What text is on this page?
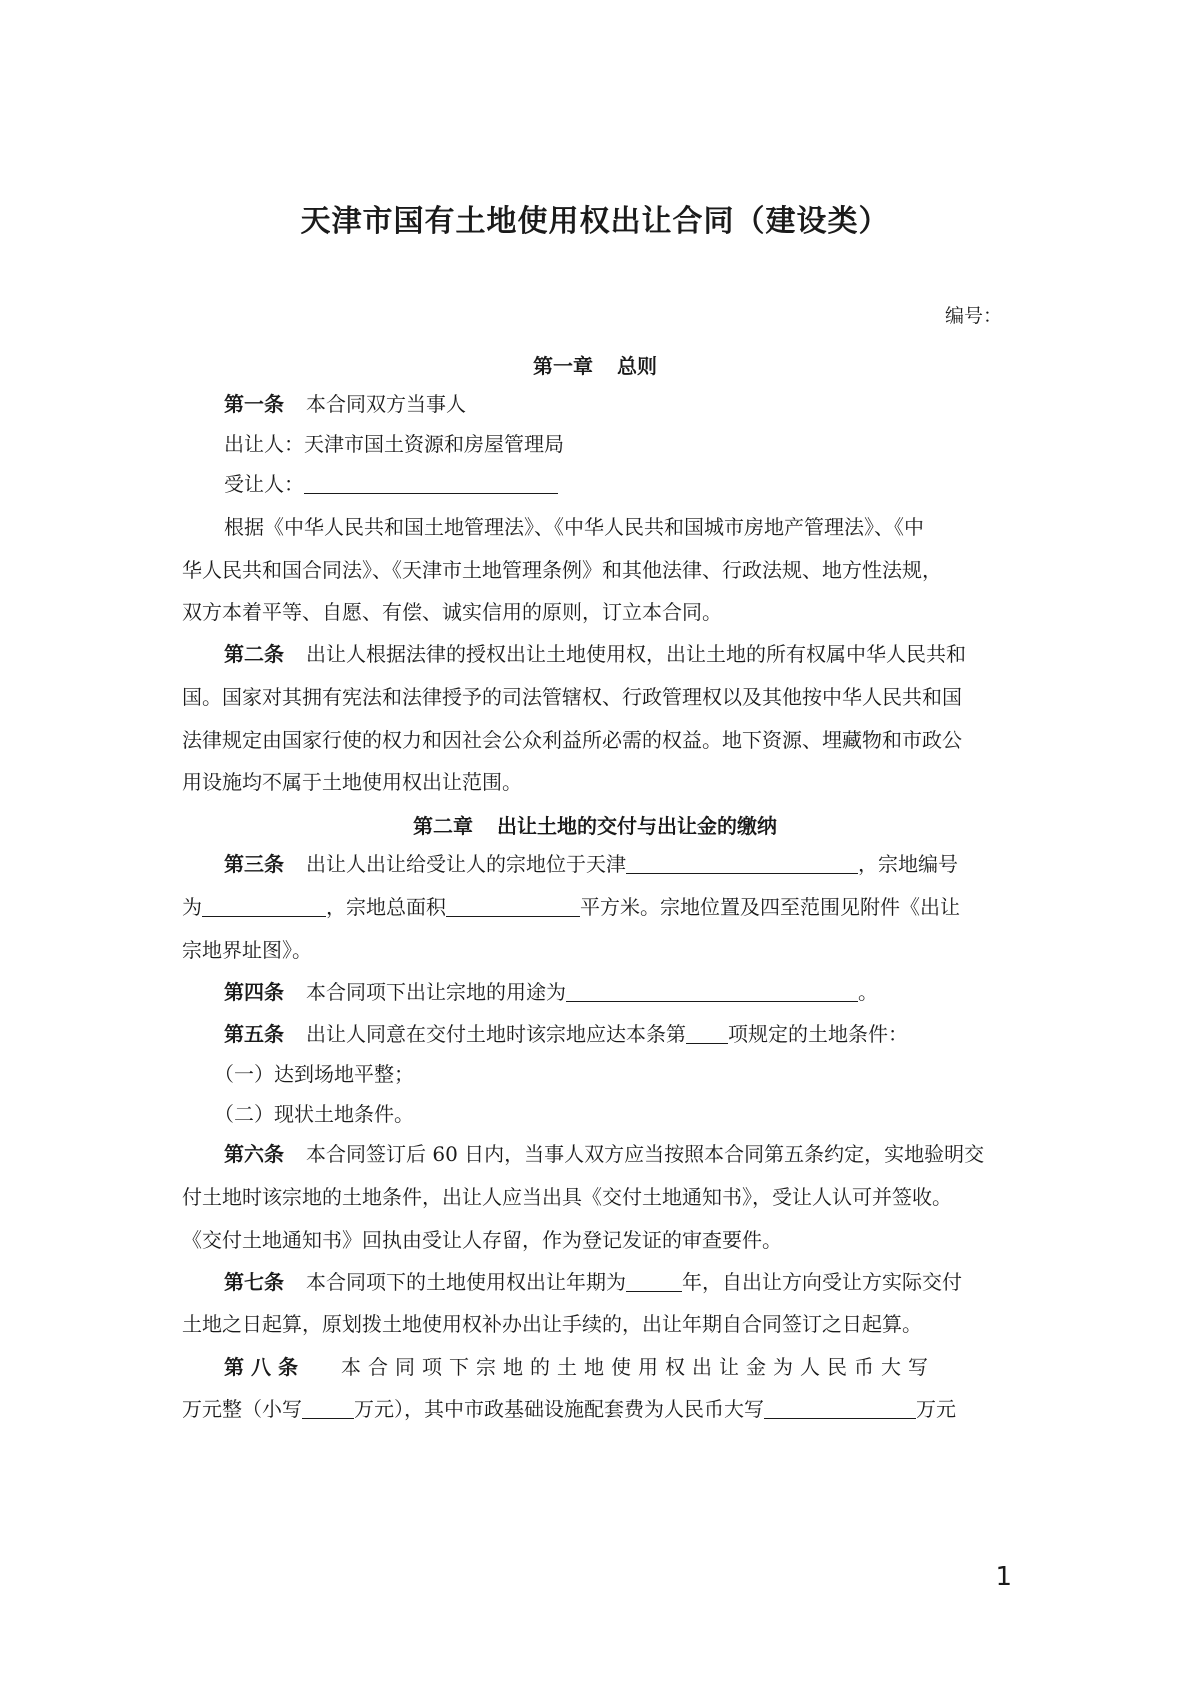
天津市国有土地使用权出让合同（建设类）

编号：

第一章 总则

第一条 本合同双方当事人

出让人：天津市国土资源和房屋管理局

受让人：

根据《中华人民共和国土地管理法》、《中华人民共和国城市房地产管理法》、《中

华人民共和国合同法》、《天津市土地管理条例》和其他法律、行政法规、地方性法规，

双方本着平等、自愿、有偿、诚实信用的原则，订立本合同。

第二条 出让人根据法律的授权出让土地使用权，出让土地的所有权属中华人民共和

国。国家对其拥有宪法和法律授予的司法管辖权、行政管理权以及其他按中华人民共和国

法律规定由国家行使的权力和因社会公众利益所必需的权益。地下资源、埋藏物和市政公

用设施均不属于土地使用权出让范围。

第二章 出让土地的交付与出让金的缴纳

第三条 出让人出让给受让人的宗地位于天津	，宗地编号

为	，宗地总面积	平方米。宗地位置及四至范围见附件《出让

宗地界址图》。

第四条 本合同项下出让宗地的用途为	。

第五条 出让人同意在交付土地时该宗地应达本条第 项规定的土地条件：

（一）达到场地平整；

（二）现状土地条件。

第六条 本合同签订后 60 日内，当事人双方应当按照本合同第五条约定，实地验明交

付土地时该宗地的土地条件，出让人应当出具《交付土地通知书》，受让人认可并签收。

《交付土地通知书》回执由受让人存留，作为登记发证的审查要件。

第七条 本合同项下的土地使用权出让年期为	年，自出让方向受让方实际交付

土地之日起算，原划拨土地使用权补办出让手续的，出让年期自合同签订之日起算。

第八条 本合同项下宗地的土地使用权出让金为人民币大写

万元整（小写	万元），其中市政基础设施配套费为人民币大写	万元

1
